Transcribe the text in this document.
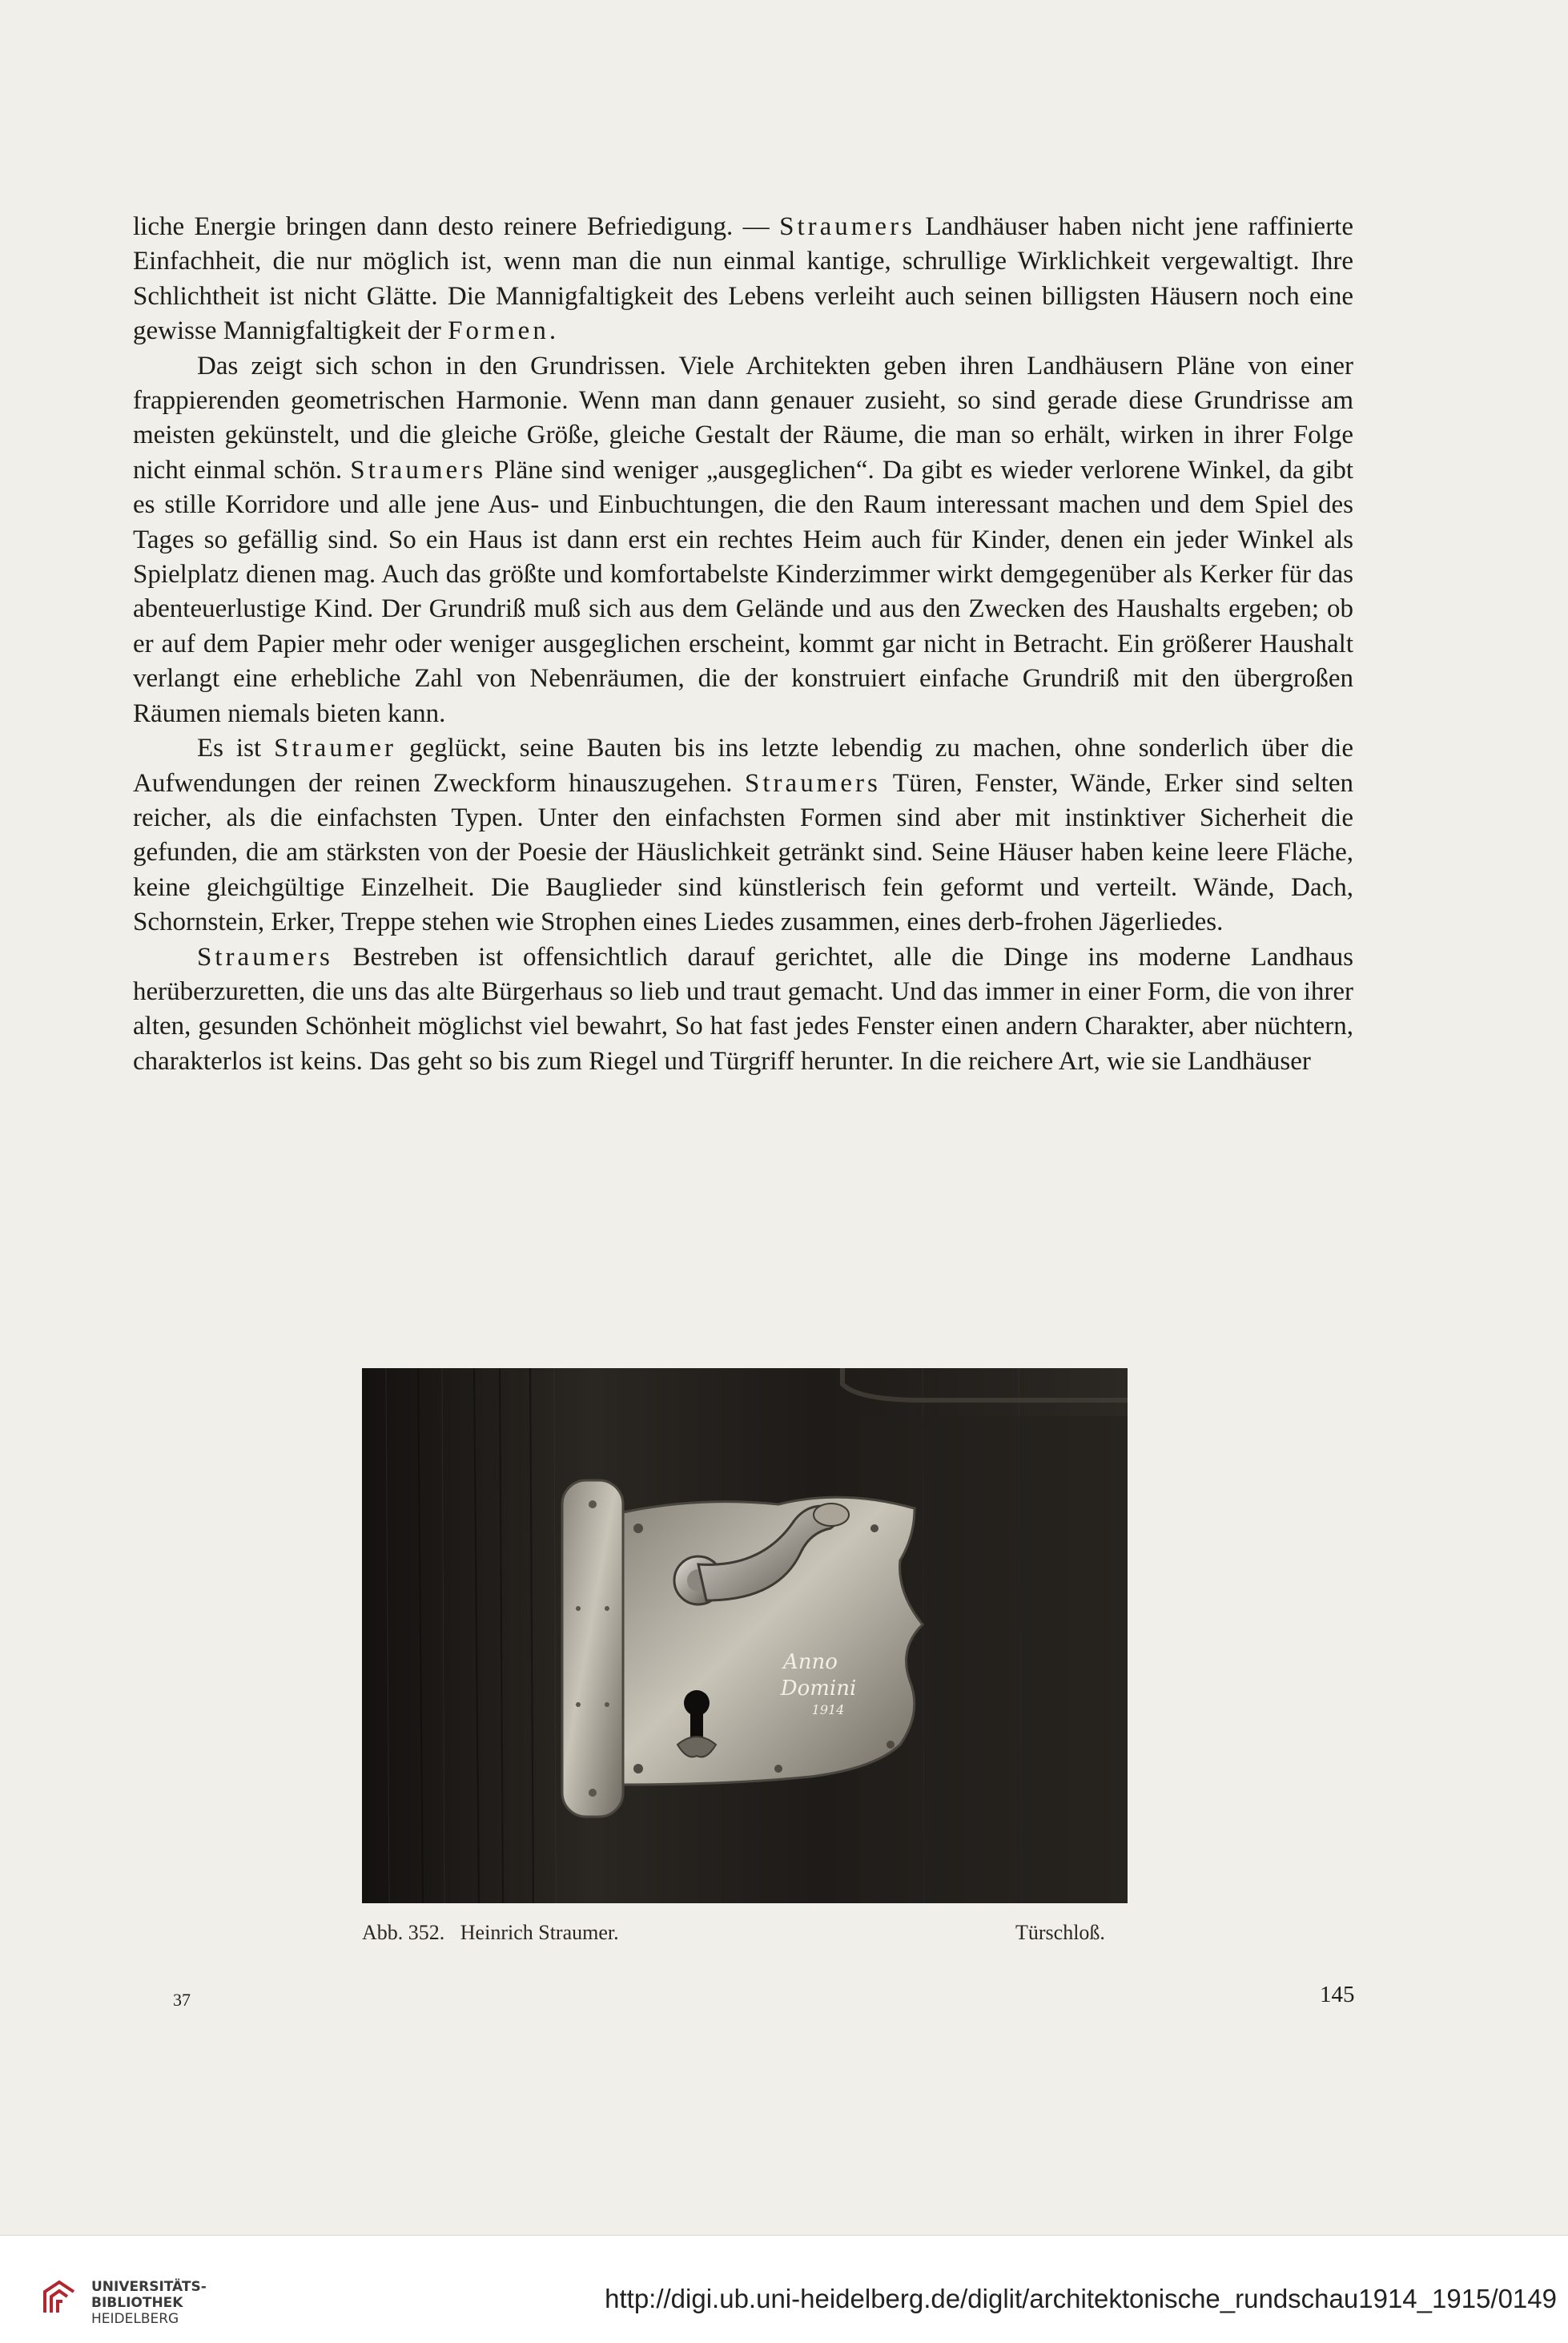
liche Energie bringen dann desto reinere Befriedigung. — Straumers Landhäuser haben nicht jene raffinierte Einfachheit, die nur möglich ist, wenn man die nun einmal kantige, schrullige Wirklichkeit vergewaltigt. Ihre Schlichtheit ist nicht Glätte. Die Mannigfaltigkeit des Lebens verleiht auch seinen billigsten Häusern noch eine gewisse Mannigfaltigkeit der Formen.

Das zeigt sich schon in den Grundrissen. Viele Architekten geben ihren Landhäusern Pläne von einer frappierenden geometrischen Harmonie. Wenn man dann genauer zusieht, so sind gerade diese Grundrisse am meisten gekünstelt, und die gleiche Größe, gleiche Gestalt der Räume, die man so erhält, wirken in ihrer Folge nicht einmal schön. Straumers Pläne sind weniger „ausgeglichen“. Da gibt es wieder verlorene Winkel, da gibt es stille Korridore und alle jene Aus- und Einbuchtungen, die den Raum interessant machen und dem Spiel des Tages so gefällig sind. So ein Haus ist dann erst ein rechtes Heim auch für Kinder, denen ein jeder Winkel als Spielplatz dienen mag. Auch das größte und komfortabelste Kinderzimmer wirkt demgegenüber als Kerker für das abenteuerlustige Kind. Der Grundriß muß sich aus dem Gelände und aus den Zwecken des Haushalts ergeben; ob er auf dem Papier mehr oder weniger ausgeglichen erscheint, kommt gar nicht in Betracht. Ein größerer Haushalt verlangt eine erhebliche Zahl von Nebenräumen, die der konstruiert einfache Grundriß mit den übergroßen Räumen niemals bieten kann.

Es ist Straumer geglückt, seine Bauten bis ins letzte lebendig zu machen, ohne sonderlich über die Aufwendungen der reinen Zweckform hinauszugehen. Straumers Türen, Fenster, Wände, Erker sind selten reicher, als die einfachsten Typen. Unter den einfachsten Formen sind aber mit instinktiver Sicherheit die gefunden, die am stärksten von der Poesie der Häuslichkeit getränkt sind. Seine Häuser haben keine leere Fläche, keine gleichgültige Einzelheit. Die Bauglieder sind künstlerisch fein geformt und verteilt. Wände, Dach, Schornstein, Erker, Treppe stehen wie Strophen eines Liedes zusammen, eines derb-frohen Jägerliedes.

Straumers Bestreben ist offensichtlich darauf gerichtet, alle die Dinge ins moderne Landhaus herüberzuretten, die uns das alte Bürgerhaus so lieb und traut gemacht. Und das immer in einer Form, die von ihrer alten, gesunden Schönheit möglichst viel bewahrt, So hat fast jedes Fenster einen andern Charakter, aber nüchtern, charakterlos ist keins. Das geht so bis zum Riegel und Türgriff herunter. In die reichere Art, wie sie Landhäuser

Anno
Domini
1914
Abb. 352.   Heinrich Straumer.	Türschloß.
37	145
UNIVERSITÄTS-
BIBLIOTHEK
HEIDELBERG
http://digi.ub.uni-heidelberg.de/diglit/architektonische_rundschau1914_1915/0149
